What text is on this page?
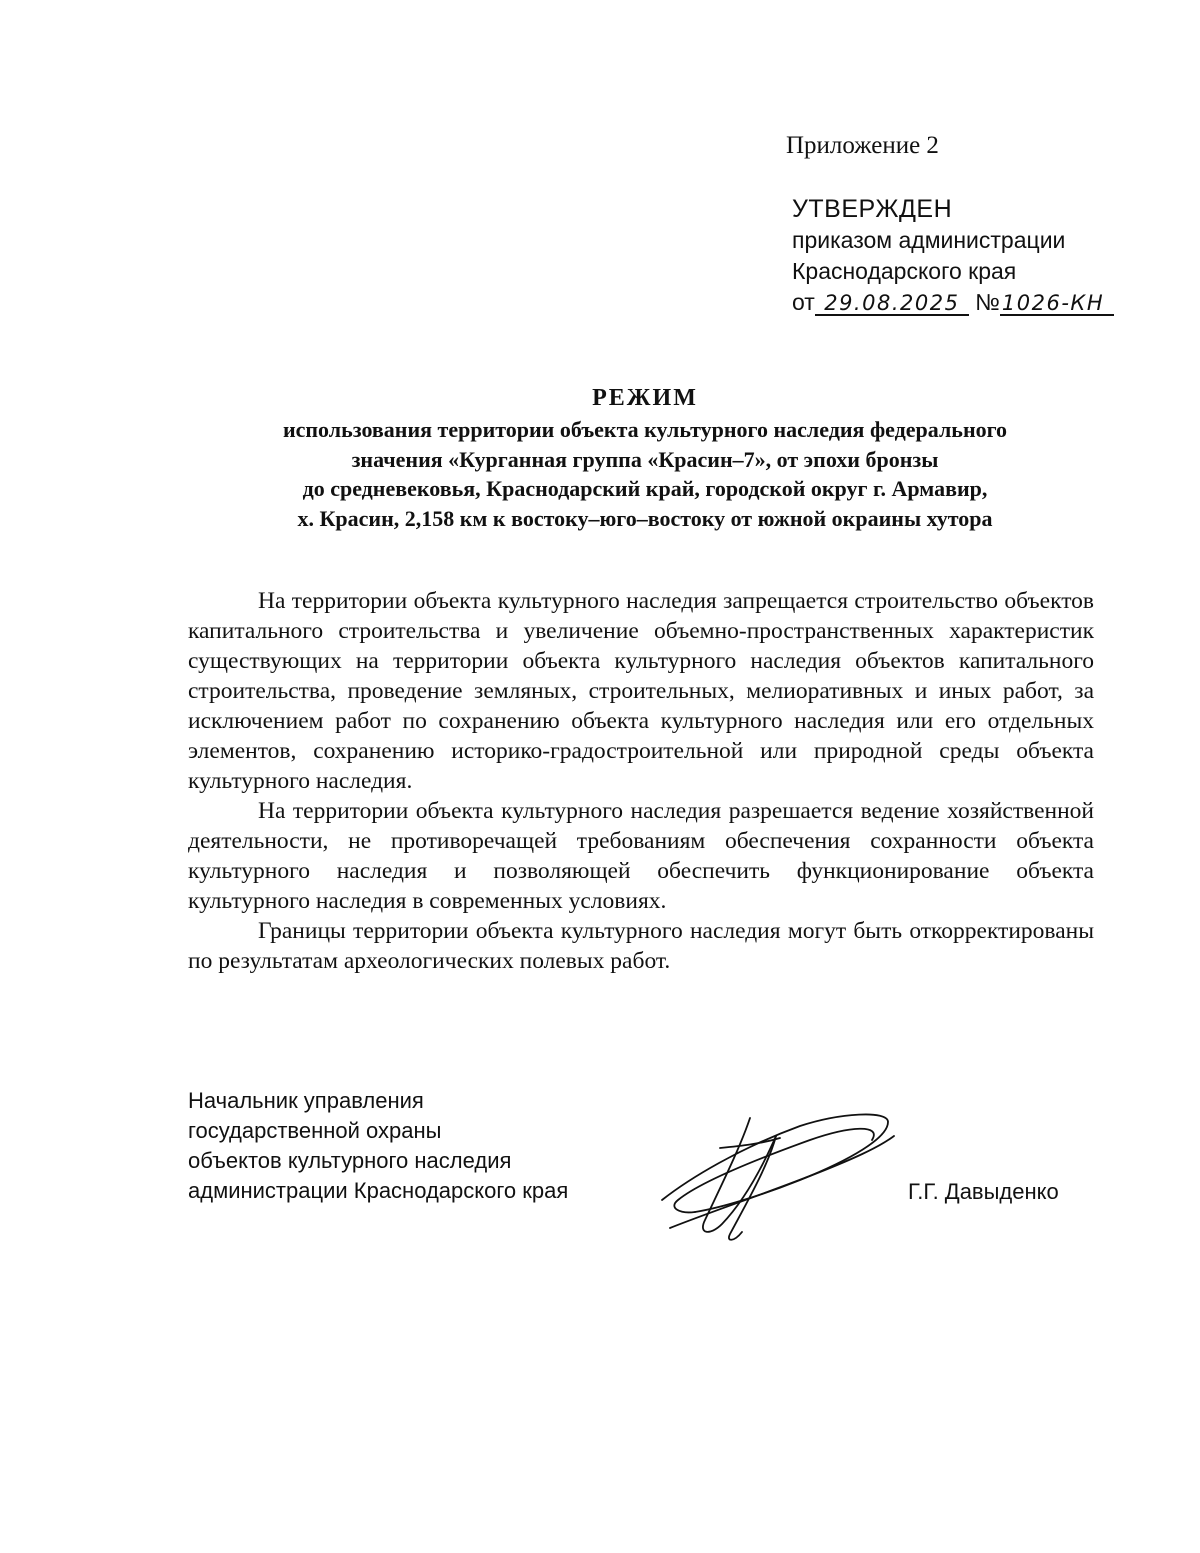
Приложение 2
УТВЕРЖДЕН
приказом администрации
Краснодарского края
от 29.08.2025 №1026-КН
РЕЖИМ
использования территории объекта культурного наследия федерального
значения «Курганная группа «Красин–7», от эпохи бронзы
до средневековья, Краснодарский край, городской округ г. Армавир,
х. Красин, 2,158 км к востоку–юго–востоку от южной окраины хутора

На территории объекта культурного наследия запрещается строительство объектов капитального строительства и увеличение объемно-пространственных характеристик существующих на территории объекта культурного наследия объектов капитального строительства, проведение земляных, строительных, мелиоративных и иных работ, за исключением работ по сохранению объекта культурного наследия или его отдельных элементов, сохранению историко-градостроительной или природной среды объекта культурного наследия.

На территории объекта культурного наследия разрешается ведение хозяйственной деятельности, не противоречащей требованиям обеспечения сохранности объекта культурного наследия и позволяющей обеспечить функционирование объекта культурного наследия в современных условиях.

Границы территории объекта культурного наследия могут быть откорректированы по результатам археологических полевых работ.

Начальник управления
государственной охраны
объектов культурного наследия
администрации Краснодарского края	Г.Г. Давыденко
